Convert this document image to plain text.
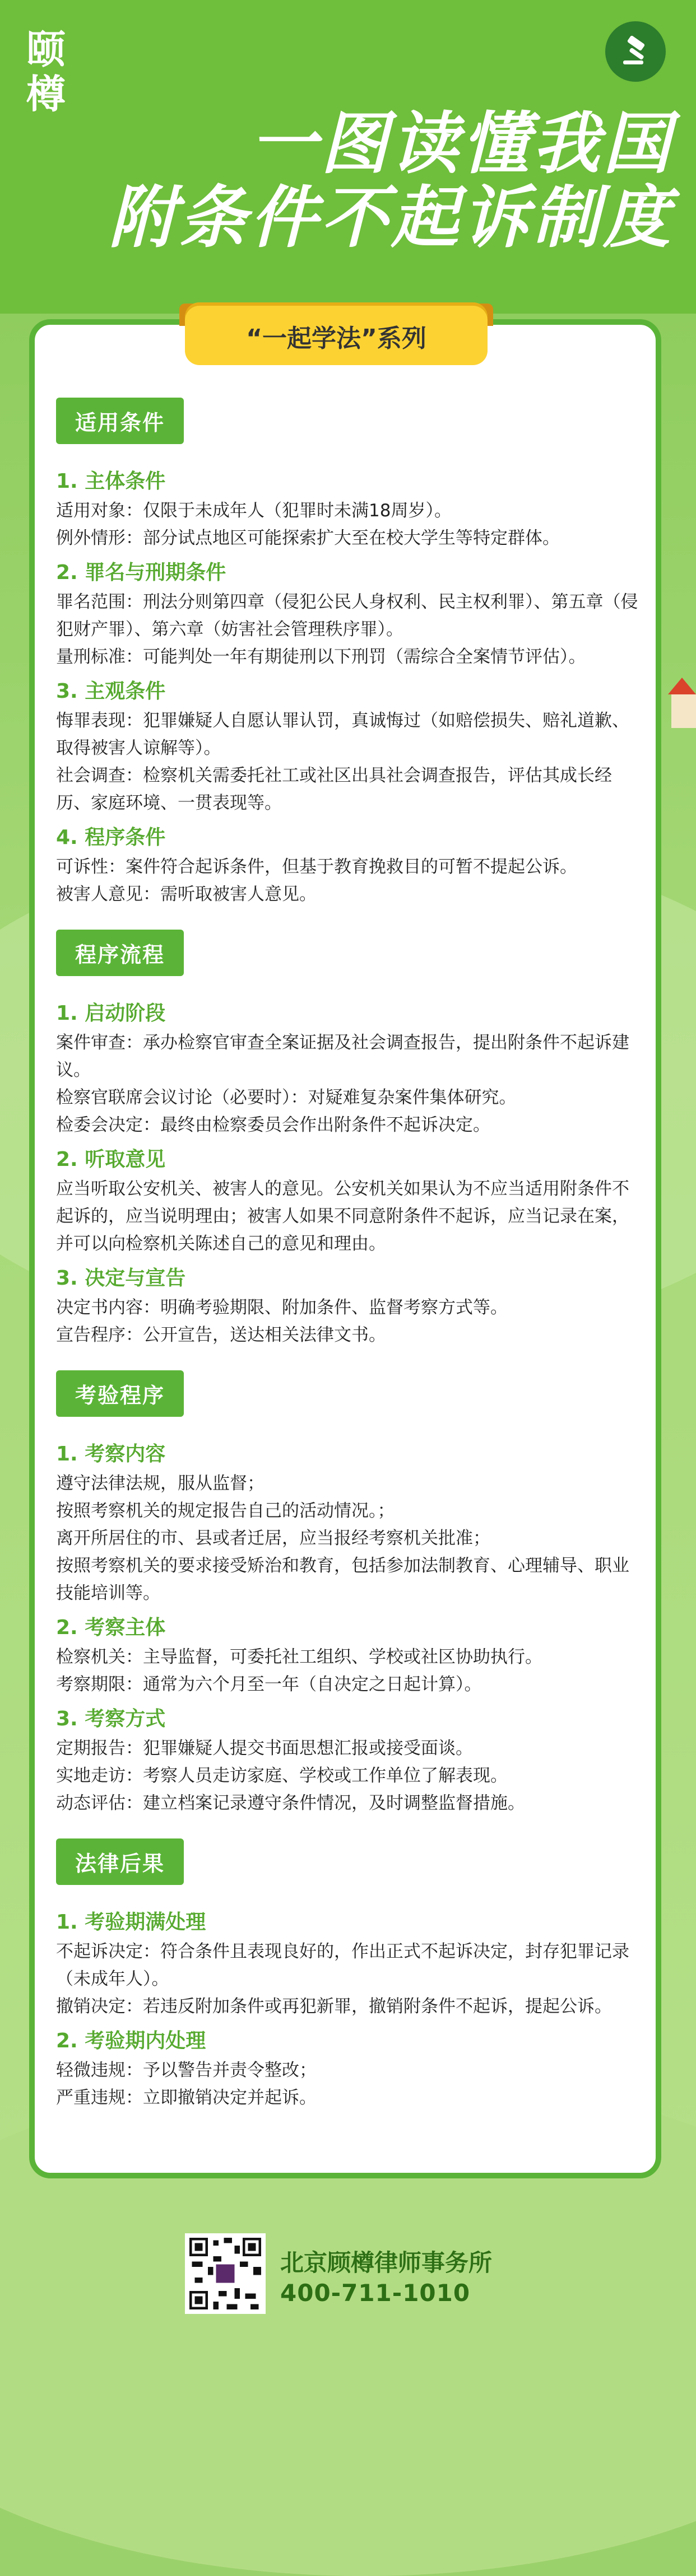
颐
樽
一图读懂我国
附条件不起诉制度
“一起学法”系列
适用条件
1. 主体条件

适用对象：仅限于未成年人（犯罪时未满18周岁）。

例外情形：部分试点地区可能探索扩大至在校大学生等特定群体。

2. 罪名与刑期条件

罪名范围：刑法分则第四章（侵犯公民人身权利、民主权利罪）、第五章（侵犯财产罪）、第六章（妨害社会管理秩序罪）。

量刑标准：可能判处一年有期徒刑以下刑罚（需综合全案情节评估）。

3. 主观条件

悔罪表现：犯罪嫌疑人自愿认罪认罚，真诚悔过（如赔偿损失、赔礼道歉、取得被害人谅解等）。

社会调查：检察机关需委托社工或社区出具社会调查报告，评估其成长经历、家庭环境、一贯表现等。

4. 程序条件

可诉性：案件符合起诉条件，但基于教育挽救目的可暂不提起公诉。

被害人意见：需听取被害人意见。

程序流程
1. 启动阶段

案件审查：承办检察官审查全案证据及社会调查报告，提出附条件不起诉建议。

检察官联席会议讨论（必要时）：对疑难复杂案件集体研究。

检委会决定：最终由检察委员会作出附条件不起诉决定。

2. 听取意见

应当听取公安机关、被害人的意见。公安机关如果认为不应当适用附条件不起诉的，应当说明理由；被害人如果不同意附条件不起诉，应当记录在案，并可以向检察机关陈述自己的意见和理由。

3. 决定与宣告

决定书内容：明确考验期限、附加条件、监督考察方式等。

宣告程序：公开宣告，送达相关法律文书。

考验程序
1. 考察内容

遵守法律法规，服从监督；

按照考察机关的规定报告自己的活动情况。；

离开所居住的市、县或者迁居，应当报经考察机关批准；

按照考察机关的要求接受矫治和教育，包括参加法制教育、心理辅导、职业技能培训等。

2. 考察主体

检察机关：主导监督，可委托社工组织、学校或社区协助执行。

考察期限：通常为六个月至一年（自决定之日起计算）。

3. 考察方式

定期报告：犯罪嫌疑人提交书面思想汇报或接受面谈。

实地走访：考察人员走访家庭、学校或工作单位了解表现。

动态评估：建立档案记录遵守条件情况，及时调整监督措施。

法律后果
1. 考验期满处理

不起诉决定：符合条件且表现良好的，作出正式不起诉决定，封存犯罪记录（未成年人）。

撤销决定：若违反附加条件或再犯新罪，撤销附条件不起诉，提起公诉。

2. 考验期内处理

轻微违规：予以警告并责令整改；

严重违规：立即撤销决定并起诉。

北京顾樽律师事务所
400-711-1010
